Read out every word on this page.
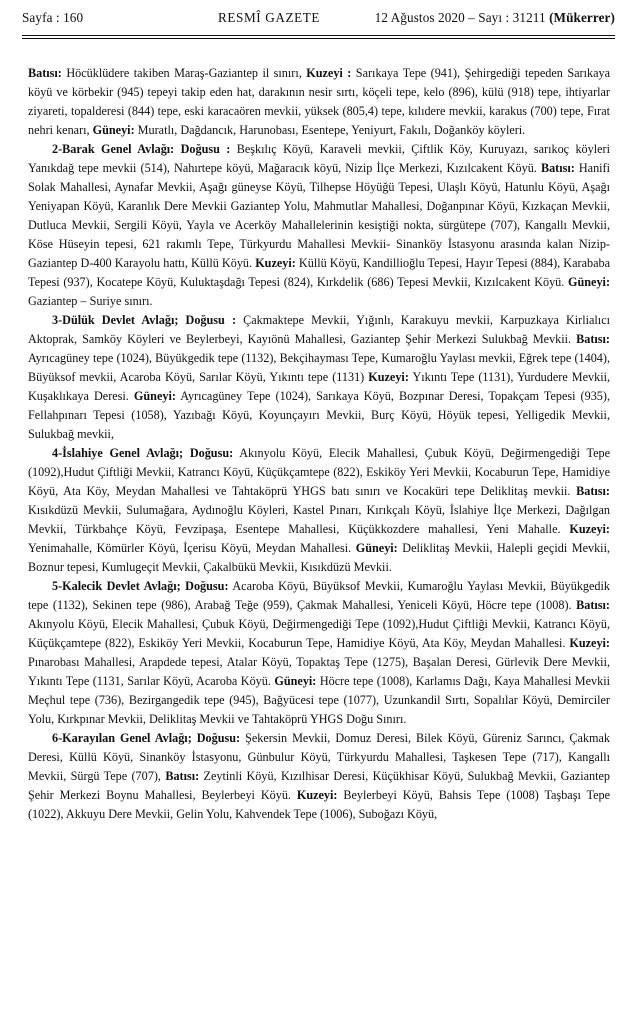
Sayfa : 160	RESMÎ GAZETE	12 Ağustos 2020 – Sayı : 31211 (Mükerrer)

Batısı: Höcüklüdere takiben Maraş-Gaziantep il sınırı, Kuzeyi : Sarıkaya Tepe (941), Şehirgediği tepeden Sarıkaya köyü ve körbekir (945) tepeyi takip eden hat, darakının nesir sırtı, köçeli tepe, kelo (896), külü (918) tepe, ihtiyarlar ziyareti, topalderesi (844) tepe, eski karacaören mevkii, yüksek (805,4) tepe, kılıdere mevkii, karakus (700) tepe, Fırat nehri kenarı, Güneyi: Muratlı, Dağdancık, Harunobası, Esentepe, Yeniyurt, Fakılı, Doğanköy köyleri.

2-Barak Genel Avlağı: Doğusu : Beşkılıç Köyü, Karaveli mevkii, Çiftlik Köy, Kuruyazı, sarıkoç köyleri Yanıkdağ tepe mevkii (514), Nahırtepe köyü, Mağaracık köyü, Nizip İlçe Merkezi, Kızılcakent Köyü. Batısı: Hanifi Solak Mahallesi, Aynafar Mevkii, Aşağı güneyse Köyü, Tilhepse Höyüğü Tepesi, Ulaşlı Köyü, Hatunlu Köyü, Aşağı Yeniyapan Köyü, Karanlık Dere Mevkii Gaziantep Yolu, Mahmutlar Mahallesi, Doğanpınar Köyü, Kızkaçan Mevkii, Dutluca Mevkii, Sergili Köyü, Yayla ve Acerköy Mahallelerinin kesiştiği nokta, sürgütepe (707), Kangallı Mevkii, Köse Hüseyin tepesi, 621 rakımlı Tepe, Türkyurdu Mahallesi Mevkii- Sinanköy İstasyonu arasında kalan Nizip-Gaziantep D-400 Karayolu hattı, Küllü Köyü. Kuzeyi: Küllü Köyü, Kandillioğlu Tepesi, Hayır Tepesi (884), Karababa Tepesi (937), Kocatepe Köyü, Kuluktaşdağı Tepesi (824), Kırkdelik (686) Tepesi Mevkii, Kızılcakent Köyü. Güneyi: Gaziantep – Suriye sınırı.

3-Dülük Devlet Avlağı; Doğusu : Çakmaktepe Mevkii, Yığınlı, Karakuyu mevkii, Karpuzkaya Kirlialıcı Aktoprak, Samköy Köyleri ve Beylerbeyi, Kayıönü Mahallesi, Gaziantep Şehir Merkezi Sulukbağ Mevkii. Batısı: Ayrıcagüney tepe (1024), Büyükgedik tepe (1132), Bekçihayması Tepe, Kumaroğlu Yaylası mevkii, Eğrek tepe (1404), Büyüksof mevkii, Acaroba Köyü, Sarılar Köyü, Yıkıntı tepe (1131) Kuzeyi: Yıkıntı Tepe (1131), Yurdudere Mevkii, Kuşaklıkaya Deresi. Güneyi: Ayrıcagüney Tepe (1024), Sarıkaya Köyü, Bozpınar Deresi, Topakçam Tepesi (935), Fellahpınarı Tepesi (1058), Yazıbağı Köyü, Koyunçayırı Mevkii, Burç Köyü, Höyük tepesi, Yelligedik Mevkii, Sulukbağ mevkii,

4-İslahiye Genel Avlağı; Doğusu: Akınyolu Köyü, Elecik Mahallesi, Çubuk Köyü, Değirmengediği Tepe (1092),Hudut Çiftliği Mevkii, Katrancı Köyü, Küçükçamtepe (822), Eskiköy Yeri Mevkii, Kocaburun Tepe, Hamidiye Köyü, Ata Köy, Meydan Mahallesi ve Tahtaköprü YHGS batı sınırı ve Kocaküri tepe Deliklitaş mevkii. Batısı: Kısıkdüzü Mevkii, Sulumağara, Aydınoğlu Köyleri, Kastel Pınarı, Kırıkçalı Köyü, İslahiye İlçe Merkezi, Dağılgan Mevkii, Türkbahçe Köyü, Fevzipaşa, Esentepe Mahallesi, Küçükkozdere mahallesi, Yeni Mahalle. Kuzeyi: Yenimahalle, Kömürler Köyü, İçerisu Köyü, Meydan Mahallesi. Güneyi: Deliklitaş Mevkii, Halepli geçidi Mevkii, Boznur tepesi, Kumlugeçit Mevkii, Çakalbükü Mevkii, Kısıkdüzü Mevkii.

5-Kalecik Devlet Avlağı; Doğusu: Acaroba Köyü, Büyüksof Mevkii, Kumaroğlu Yaylası Mevkii, Büyükgedik tepe (1132), Sekinen tepe (986), Arabağ Teğe (959), Çakmak Mahallesi, Yeniceli Köyü, Höcre tepe (1008). Batısı: Akınyolu Köyü, Elecik Mahallesi, Çubuk Köyü, Değirmengediği Tepe (1092),Hudut Çiftliği Mevkii, Katrancı Köyü, Küçükçamtepe (822), Eskiköy Yeri Mevkii, Kocaburun Tepe, Hamidiye Köyü, Ata Köy, Meydan Mahallesi. Kuzeyi: Pınarobası Mahallesi, Arapdede tepesi, Atalar Köyü, Topaktaş Tepe (1275), Başalan Deresi, Gürlevik Dere Mevkii, Yıkıntı Tepe (1131, Sarılar Köyü, Acaroba Köyü. Güneyi: Höcre tepe (1008), Karlamıs Dağı, Kaya Mahallesi Mevkii Meçhul tepe (736), Bezirgangedik tepe (945), Bağyücesi tepe (1077), Uzunkandil Sırtı, Sopalılar Köyü, Demirciler Yolu, Kırkpınar Mevkii, Deliklitaş Mevkii ve Tahtaköprü YHGS Doğu Sınırı.

6-Karayılan Genel Avlağı; Doğusu: Şekersin Mevkii, Domuz Deresi, Bilek Köyü, Güreniz Sarıncı, Çakmak Deresi, Küllü Köyü, Sinanköy İstasyonu, Günbulur Köyü, Türkyurdu Mahallesi, Taşkesen Tepe (717), Kangallı Mevkii, Sürgü Tepe (707), Batısı: Zeytinli Köyü, Kızılhisar Deresi, Küçükhisar Köyü, Sulukbağ Mevkii, Gaziantep Şehir Merkezi Boynu Mahallesi, Beylerbeyi Köyü. Kuzeyi: Beylerbeyi Köyü, Bahsis Tepe (1008) Taşbaşı Tepe (1022), Akkuyu Dere Mevkii, Gelin Yolu, Kahvendek Tepe (1006), Suboğazı Köyü,
